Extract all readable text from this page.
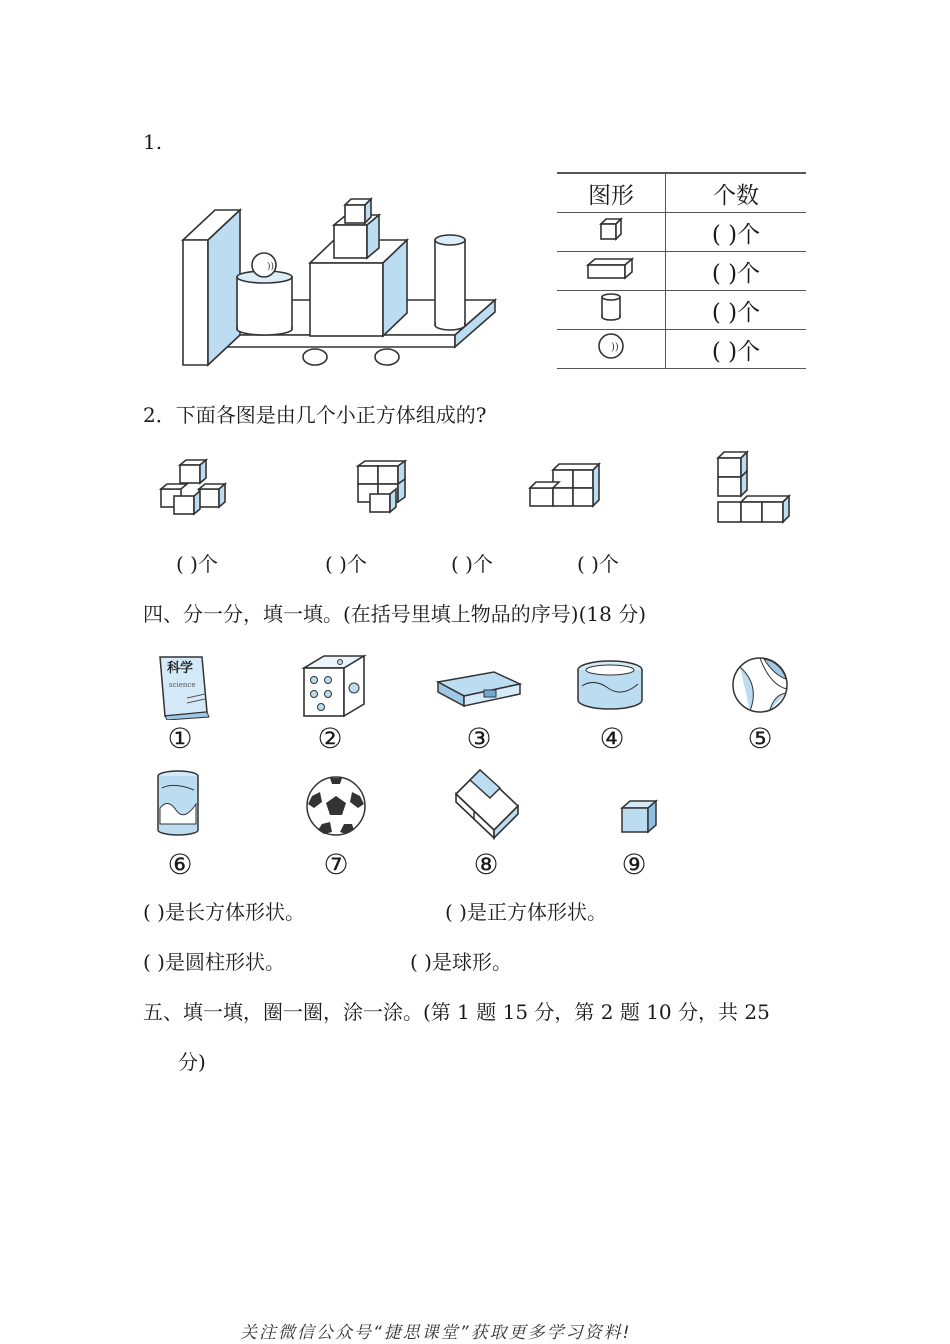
1.
))
图形	个数
	( )个
	( )个
	( )个

))	( )个
2．下面各图是由几个小正方体组成的?
( )个	( )个	( )个	( )个
四、分一分，填一填。(在括号里填上物品的序号)(18 分)
科学
science
①	②	③	④	⑤
⑥	⑦	⑧	⑨
( )是长方体形状。	( )是正方体形状。
( )是圆柱形状。	( )是球形。
五、填一填，圈一圈，涂一涂。(第 1 题 15 分，第 2 题 10 分，共 25
分)
关注微信公众号“捷思课堂”获取更多学习资料!
